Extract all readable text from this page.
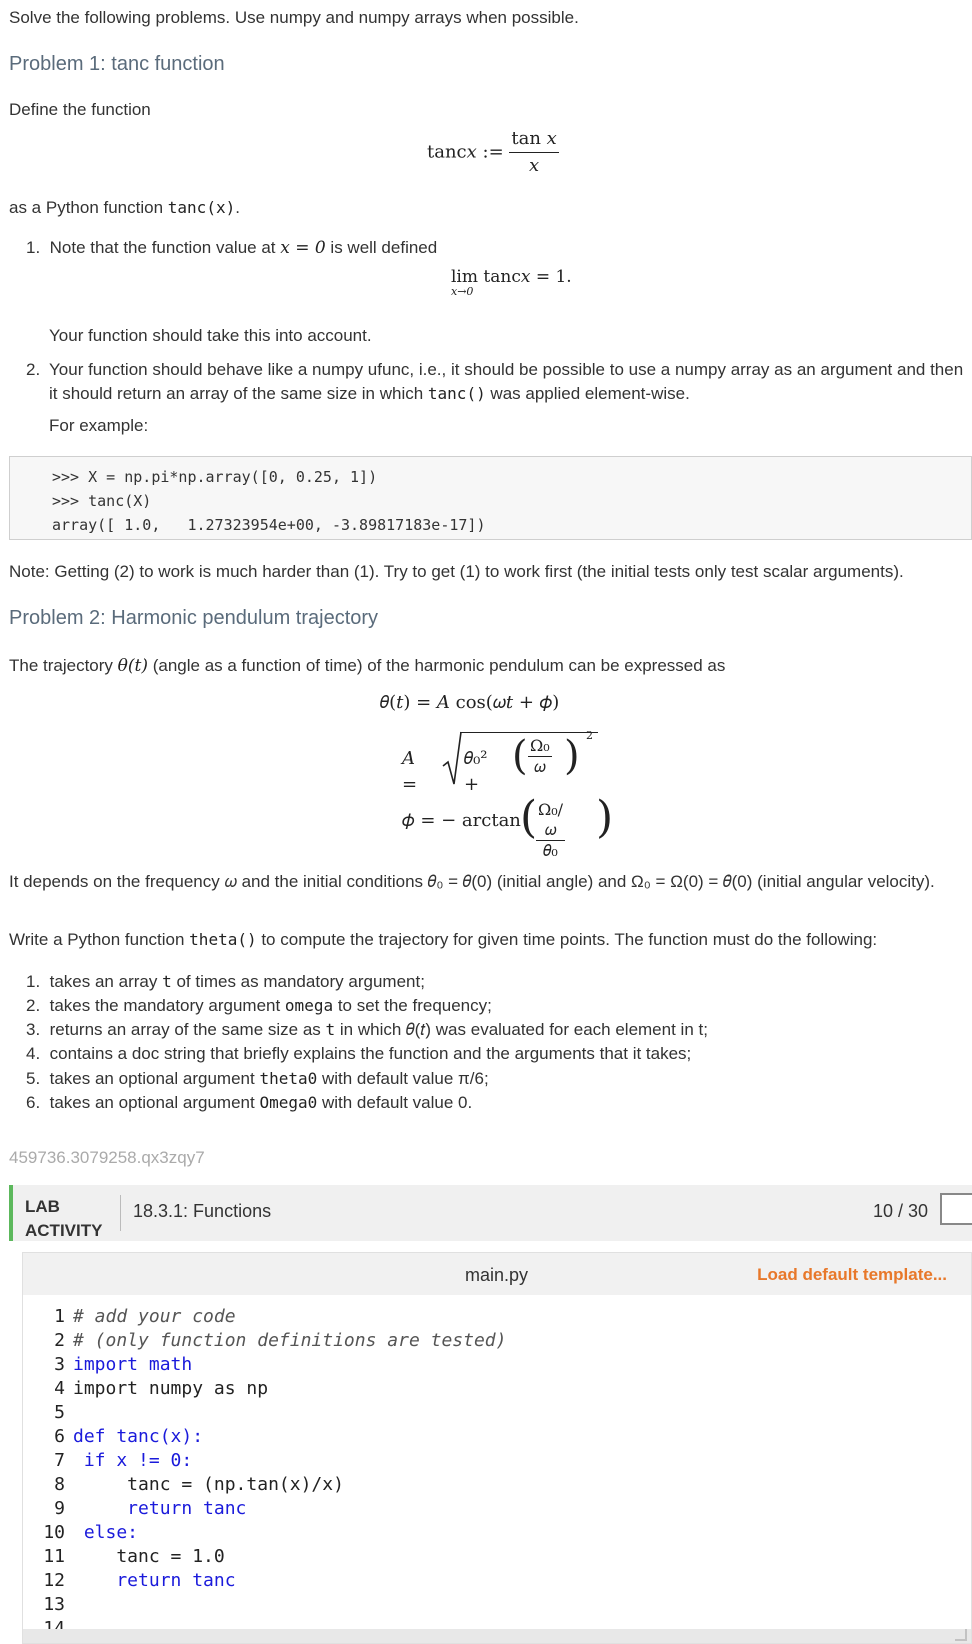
Solve the following problems. Use numpy and numpy arrays when possible.

Problem 1: tanc function

Define the function

tanc𝑥 := $\frac{\text{tan 𝑥}}{\text{𝑥}}$

as a Python function tanc(x).

1.  Note that the function value at 𝑥 = 0 is well defined
lim tanc𝑥 = 1.
𝑥→0

Your function should take this into account.

2. Your function should behave like a numpy ufunc, i.e., it should be possible to use a numpy array as an argument and then it should return an array of the same size in which tanc() was applied element-wise.

For example:

>>> X = np.pi*np.array([0, 0.25, 1])
>>> tanc(X)
array([ 1.0,   1.27323954e+00, -3.89817183e-17])

Note: Getting (2) to work is much harder than (1). Try to get (1) to work first (the initial tests only test scalar arguments).

Problem 2: Harmonic pendulum trajectory

The trajectory 𝜃(𝑡) (angle as a function of time) of the harmonic pendulum can be expressed as

𝜃(𝑡) = 𝐴 cos(𝜔𝑡 + 𝜙)
𝐴 =
𝜃₀² +
( Ω₀
𝜔 ) 2
𝜙 = − arctan ( Ω₀/𝜔
𝜃₀
)

It depends on the frequency 𝜔 and the initial conditions 𝜃₀ = 𝜃(0) (initial angle) and Ω₀ = Ω(0) = 𝜃̇(0) (initial angular velocity).

Write a Python function theta() to compute the trajectory for given time points. The function must do the following:

1.  takes an array t of times as mandatory argument;
2.  takes the mandatory argument omega to set the frequency;
3.  returns an array of the same size as t in which 𝜃(𝑡) was evaluated for each element in t;
4.  contains a doc string that briefly explains the function and the arguments that it takes;
5.  takes an optional argument theta0 with default value π/6;
6.  takes an optional argument Omega0 with default value 0.

459736.3079258.qx3zqy7

LAB
ACTIVITY
18.3.1: Functions	10 / 30
main.py	Load default template...
1 # add your code
2 # (only function definitions are tested)
3 import math
4 import numpy as np
5
6 def tanc(x):
7 if x != 0:
8     tanc = (np.tan(x)/x)
9     return tanc
10 else:
11    tanc = 1.0
12    return tanc
13
